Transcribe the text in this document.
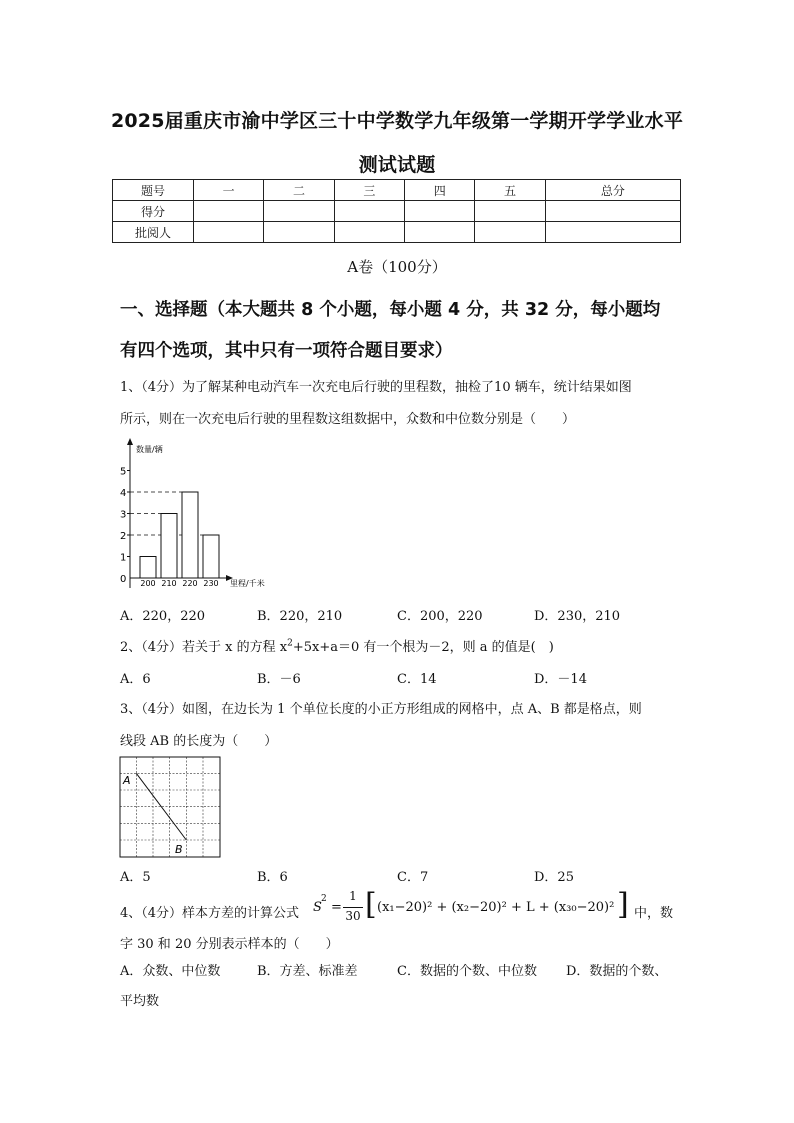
2025届重庆市渝中学区三十中学数学九年级第一学期开学学业水平
测试试题
题号	一	二	三	四	五	总分
得分						
批阅人						
A卷（100分）
一、选择题（本大题共 8 个小题，每小题 4 分，共 32 分，每小题均
有四个选项，其中只有一项符合题目要求）
1、（4分）为了解某种电动汽车一次充电后行驶的里程数，抽检了10 辆车，统计结果如图
所示，则在一次充电后行驶的里程数这组数据中，众数和中位数分别是（　　）
数量/辆
里程/千米
0
1
2
3
4
5
200 210 220 230
A．220，220	B．220，210	C．200，220	D．230，210
2、（4分）若关于 x 的方程 $x^2+5x+a=0$ 有一个根为－2，则 a 的值是(　)
A．6	B．－6	C．14	D．－14
3、（4分）如图，在边长为 1 个单位长度的小正方形组成的网格中，点 A、B 都是格点，则
线段 AB 的长度为（　　）
A
B
A．5	B．6	C．7	D．25
4、（4分）样本方差的计算公式 S
2
=
1
30 [ (x₁−20)² + (x₂−20)² + L + (x₃₀−20)² ] 中，数
字 30 和 20 分别表示样本的（　　）
A．众数、中位数	B．方差、标准差	C．数据的个数、中位数 D．数据的个数、
平均数
